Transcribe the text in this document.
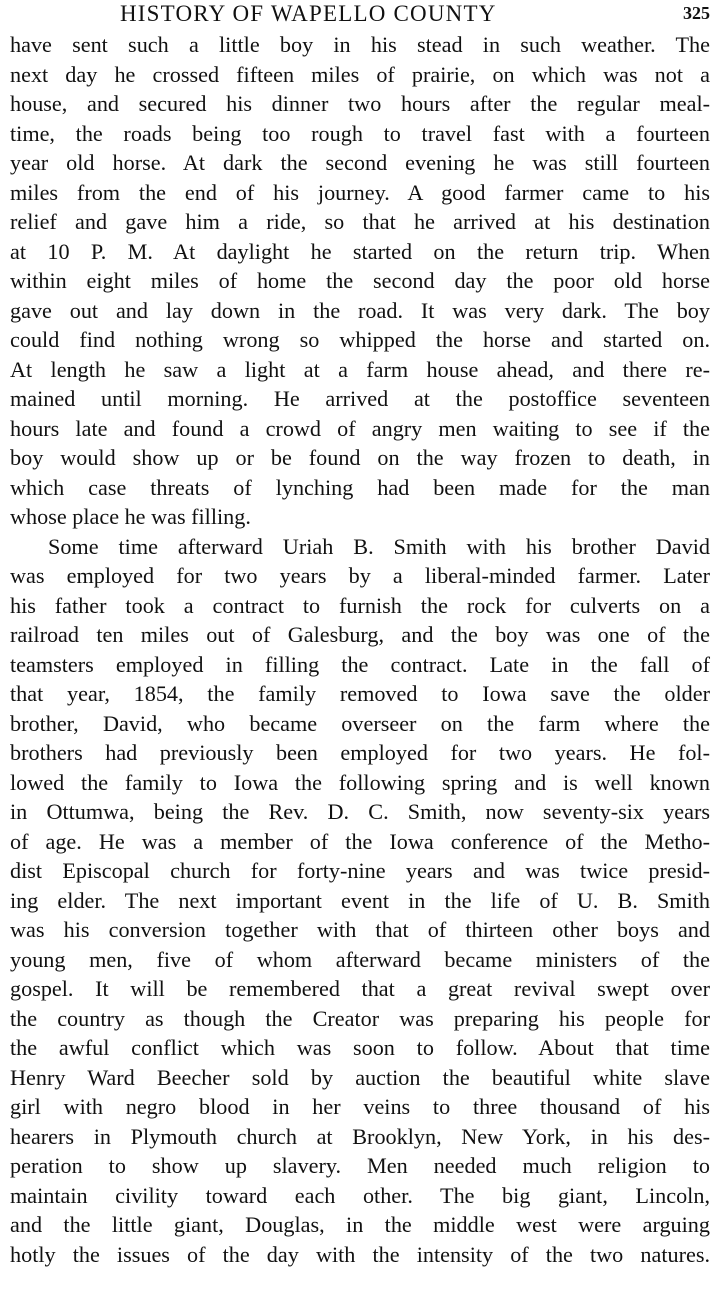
HISTORY OF WAPELLO COUNTY	325
have sent such a little boy in his stead in such weather. The
next day he crossed fifteen miles of prairie, on which was not a
house, and secured his dinner two hours after the regular meal-
time, the roads being too rough to travel fast with a fourteen
year old horse. At dark the second evening he was still fourteen
miles from the end of his journey. A good farmer came to his
relief and gave him a ride, so that he arrived at his destination
at 10 P. M. At daylight he started on the return trip. When
within eight miles of home the second day the poor old horse
gave out and lay down in the road. It was very dark. The boy
could find nothing wrong so whipped the horse and started on.
At length he saw a light at a farm house ahead, and there re-
mained until morning. He arrived at the postoffice seventeen
hours late and found a crowd of angry men waiting to see if the
boy would show up or be found on the way frozen to death, in
which case threats of lynching had been made for the man
whose place he was filling.
Some time afterward Uriah B. Smith with his brother David
was employed for two years by a liberal-minded farmer. Later
his father took a contract to furnish the rock for culverts on a
railroad ten miles out of Galesburg, and the boy was one of the
teamsters employed in filling the contract. Late in the fall of
that year, 1854, the family removed to Iowa save the older
brother, David, who became overseer on the farm where the
brothers had previously been employed for two years. He fol-
lowed the family to Iowa the following spring and is well known
in Ottumwa, being the Rev. D. C. Smith, now seventy-six years
of age. He was a member of the Iowa conference of the Metho-
dist Episcopal church for forty-nine years and was twice presid-
ing elder. The next important event in the life of U. B. Smith
was his conversion together with that of thirteen other boys and
young men, five of whom afterward became ministers of the
gospel. It will be remembered that a great revival swept over
the country as though the Creator was preparing his people for
the awful conflict which was soon to follow. About that time
Henry Ward Beecher sold by auction the beautiful white slave
girl with negro blood in her veins to three thousand of his
hearers in Plymouth church at Brooklyn, New York, in his des-
peration to show up slavery. Men needed much religion to
maintain civility toward each other. The big giant, Lincoln,
and the little giant, Douglas, in the middle west were arguing
hotly the issues of the day with the intensity of the two natures.
